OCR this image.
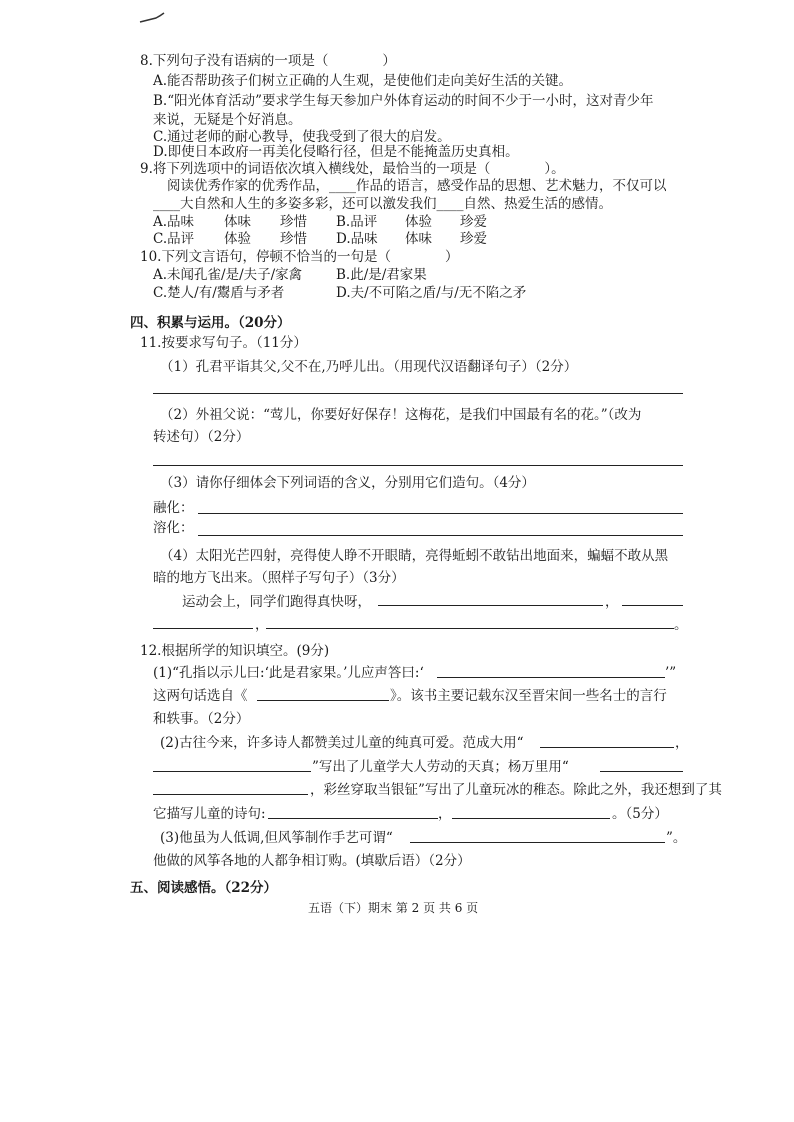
8.下列句子没有语病的一项是（　　　　）
A.能否帮助孩子们树立正确的人生观，是使他们走向美好生活的关键。
B.“阳光体育活动”要求学生每天参加户外体育运动的时间不少于一小时，这对青少年
来说，无疑是个好消息。
C.通过老师的耐心教导，使我受到了很大的启发。
D.即使日本政府一再美化侵略行径，但是不能掩盖历史真相。
9.将下列选项中的词语依次填入横线处，最恰当的一项是（　　　　）。
阅读优秀作家的优秀作品，____作品的语言，感受作品的思想、艺术魅力，不仅可以
____大自然和人生的多姿多彩，还可以激发我们____自然、热爱生活的感情。
A.品味 体味 珍惜 B.品评 体验 珍爱
C.品评 体验 珍惜 D.品味 体味 珍爱
10.下列文言语句，停顿不恰当的一句是（　　　　）
A.未闻孔雀/是/夫子/家禽	B.此/是/君家果
C.楚人/有/鬻盾与矛者	D.夫/不可陷之盾/与/无不陷之矛
四、积累与运用。（20分）
11.按要求写句子。（11分）
（1）孔君平诣其父,父不在,乃呼儿出。（用现代汉语翻译句子）（2分）
（2）外祖父说：“莺儿，你要好好保存！这梅花，是我们中国最有名的花。”（改为
转述句）（2分）
（3）请你仔细体会下列词语的含义，分别用它们造句。（4分）
融化：
溶化：
（4）太阳光芒四射，亮得使人睁不开眼睛，亮得蚯蚓不敢钻出地面来，蝙蝠不敢从黑
暗的地方飞出来。（照样子写句子）（3分）
运动会上，同学们跑得真快呀，	，
，	。
12.根据所学的知识填空。(9分)
(1)“孔指以示儿曰:‘此是君家果。’儿应声答曰:‘	’”
这两句话选自《	》。该书主要记载东汉至晋宋间一些名士的言行
和轶事。（2分）
(2)古往今来，许多诗人都赞美过儿童的纯真可爱。范成大用“	，
”写出了儿童学大人劳动的天真；杨万里用“
，彩丝穿取当银钲”写出了儿童玩冰的稚态。除此之外，我还想到了其
它描写儿童的诗句:	，	。（5分）
(3)他虽为人低调,但风筝制作手艺可谓“	”。
他做的风筝各地的人都争相订购。(填歇后语）（2分）
五、阅读感悟。（22分）
五语（下）期末 第 2 页 共 6 页
